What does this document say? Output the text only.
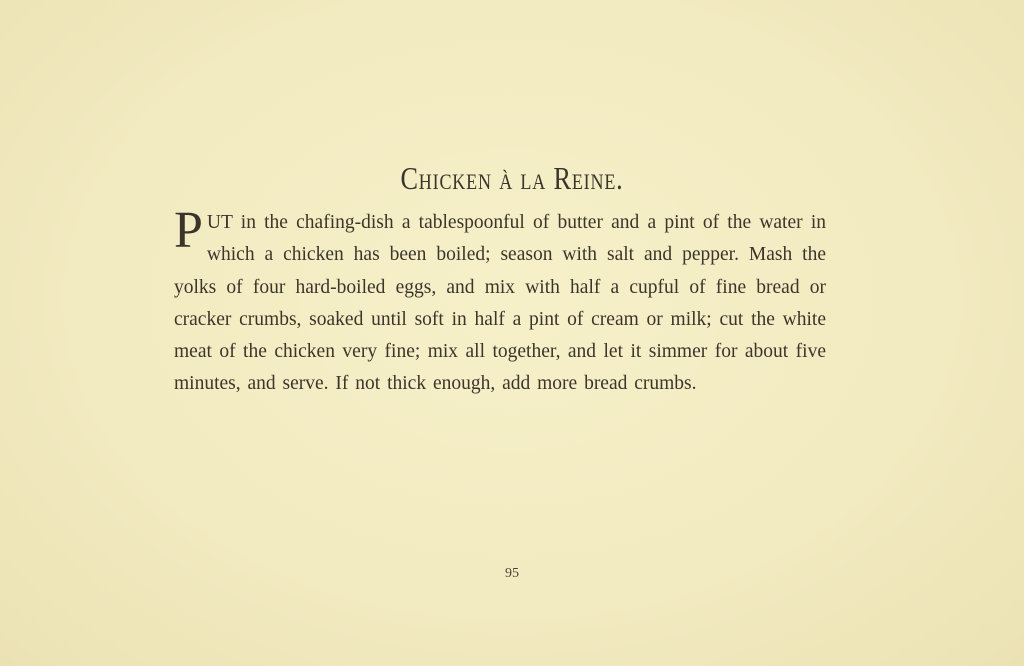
Chicken à la Reine.
PUT in the chafing-dish a tablespoonful of butter and a pint of the water in which a chicken has been boiled; season with salt and pepper. Mash the yolks of four hard-boiled eggs, and mix with half a cupful of fine bread or cracker crumbs, soaked until soft in half a pint of cream or milk; cut the white meat of the chicken very fine; mix all together, and let it simmer for about five minutes, and serve. If not thick enough, add more bread crumbs.
95
